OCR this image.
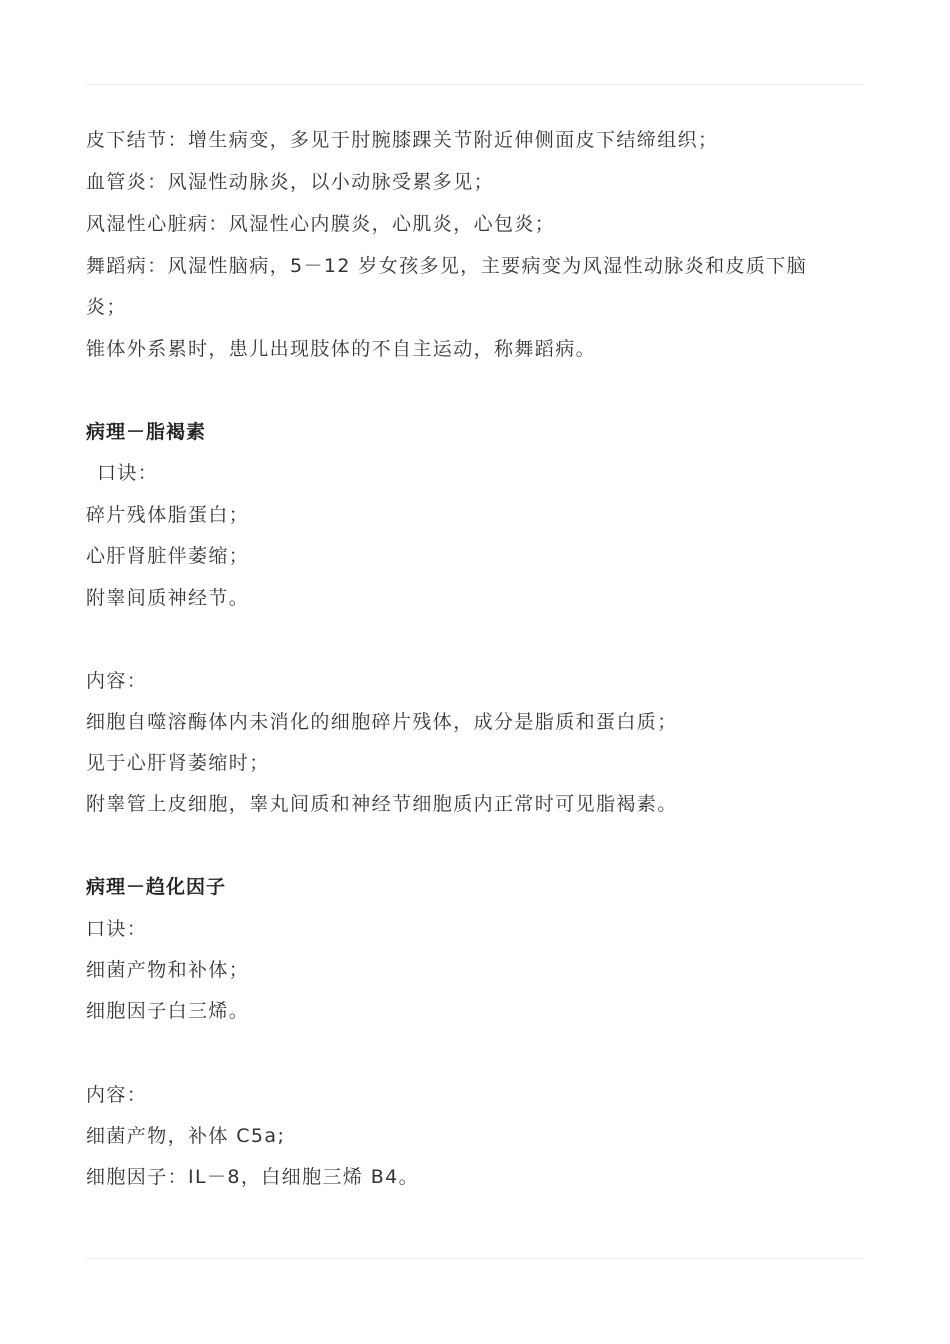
皮下结节：增生病变，多见于肘腕膝踝关节附近伸侧面皮下结缔组织；
血管炎：风湿性动脉炎，以小动脉受累多见；
风湿性心脏病：风湿性心内膜炎，心肌炎，心包炎；
舞蹈病：风湿性脑病，5－12 岁女孩多见，主要病变为风湿性动脉炎和皮质下脑
炎；
锥体外系累时，患儿出现肢体的不自主运动，称舞蹈病。
病理－脂褐素
口诀：
碎片残体脂蛋白；
心肝肾脏伴萎缩；
附睾间质神经节。
内容：
细胞自噬溶酶体内未消化的细胞碎片残体，成分是脂质和蛋白质；
见于心肝肾萎缩时；
附睾管上皮细胞，睾丸间质和神经节细胞质内正常时可见脂褐素。
病理－趋化因子
口诀：
细菌产物和补体；
细胞因子白三烯。
内容：
细菌产物，补体 C5a;
细胞因子：IL－8，白细胞三烯 B4。
